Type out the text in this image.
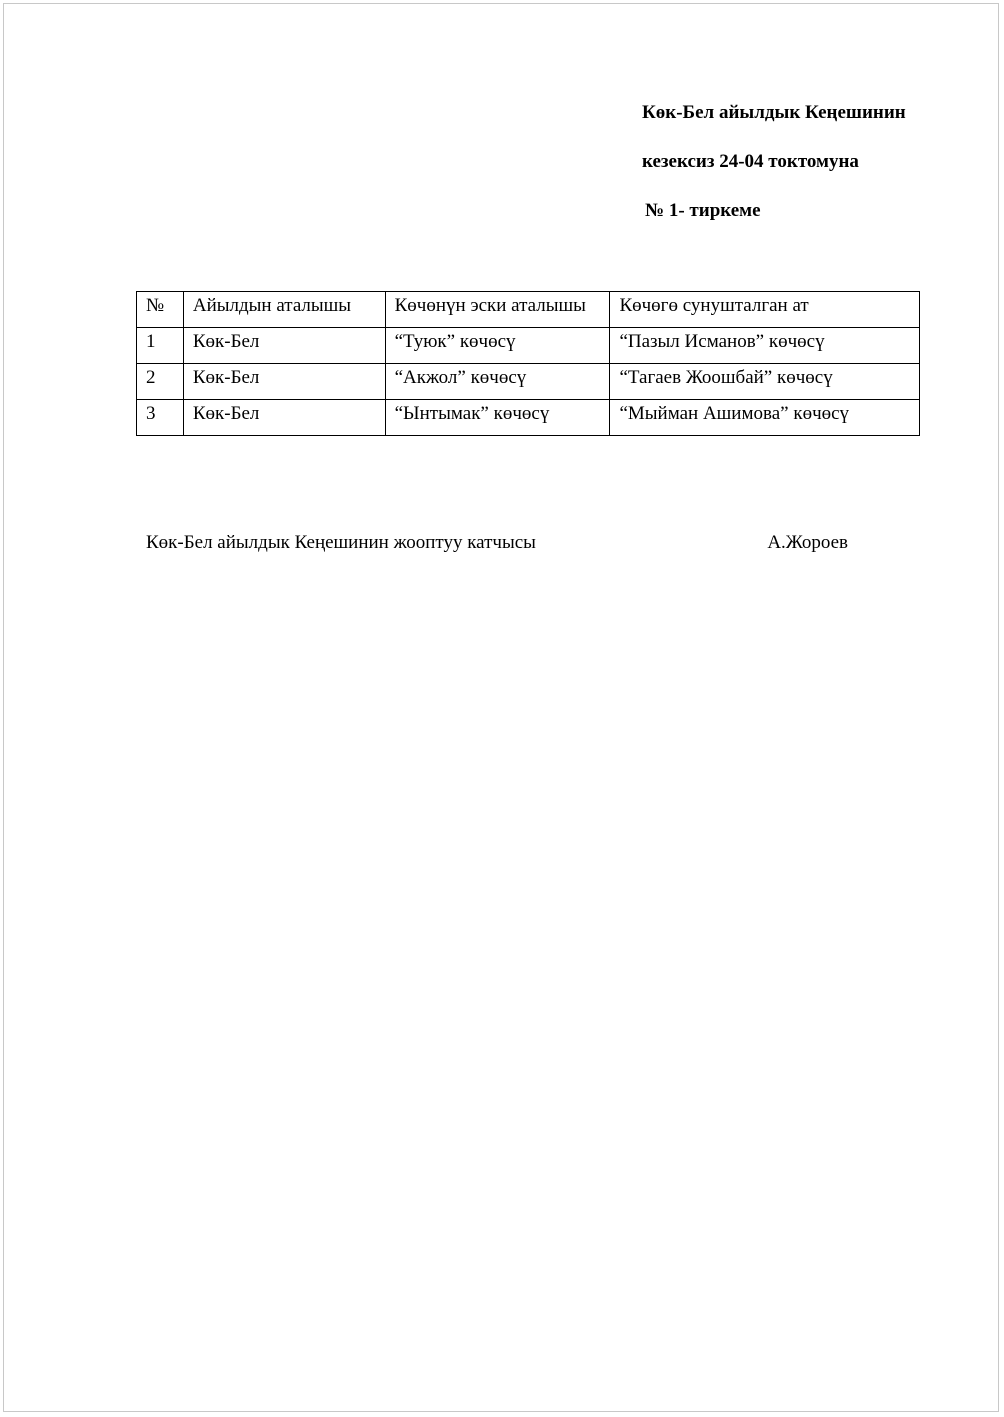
Көк-Бел айылдык Кеңешинин
кезексиз 24-04 токтомуна
№ 1- тиркеме
№	Айылдын аталышы	Көчөнүн эски аталышы	Көчөгө сунушталган ат
1	Көк-Бел	“Туюк” көчөсү	“Пазыл Исманов” көчөсү
2	Көк-Бел	“Акжол” көчөсү	“Тагаев Жоошбай” көчөсү
3	Көк-Бел	“Ынтымак” көчөсү	“Мыйман Ашимова” көчөсү
Көк-Бел айылдык Кеңешинин жооптуу катчысы	А.Жороев
